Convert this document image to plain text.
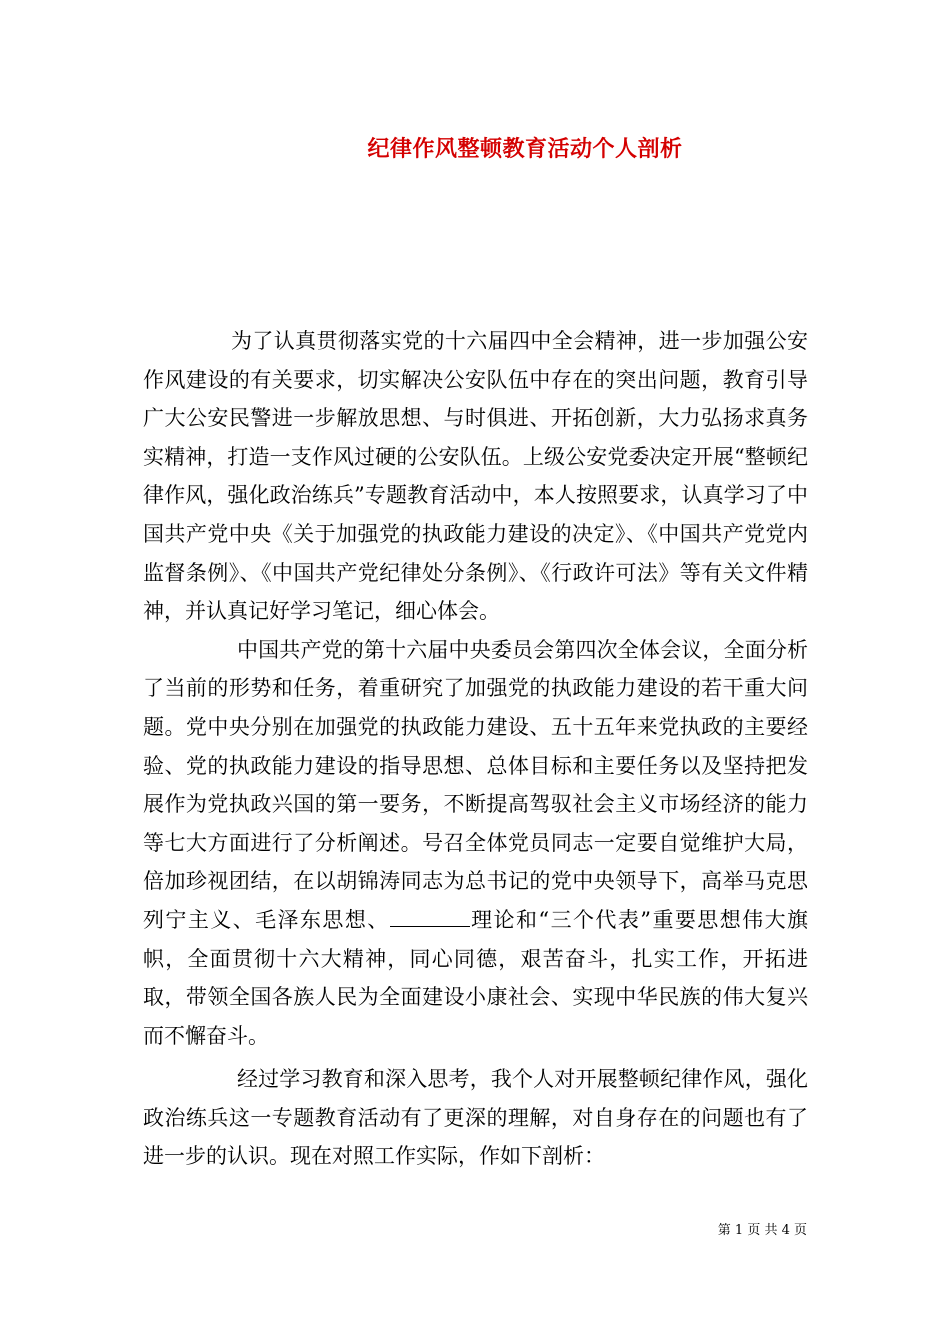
纪律作风整顿教育活动个人剖析

为了认真贯彻落实党的十六届四中全会精神，进一步加强公安作风建设的有关要求，切实解决公安队伍中存在的突出问题，教育引导广大公安民警进一步解放思想、与时俱进、开拓创新，大力弘扬求真务实精神，打造一支作风过硬的公安队伍。上级公安党委决定开展“整顿纪律作风，强化政治练兵”专题教育活动中，本人按照要求，认真学习了中国共产党中央《关于加强党的执政能力建设的决定》、《中国共产党党内监督条例》、《中国共产党纪律处分条例》、《行政许可法》等有关文件精神，并认真记好学习笔记，细心体会。

中国共产党的第十六届中央委员会第四次全体会议，全面分析了当前的形势和任务，着重研究了加强党的执政能力建设的若干重大问题。党中央分别在加强党的执政能力建设、五十五年来党执政的主要经验、党的执政能力建设的指导思想、总体目标和主要任务以及坚持把发展作为党执政兴国的第一要务，不断提高驾驭社会主义市场经济的能力等七大方面进行了分析阐述。号召全体党员同志一定要自觉维护大局，倍加珍视团结，在以胡锦涛同志为总书记的党中央领导下，高举马克思列宁主义、毛泽东思想、	理论和“三个代表”重要思想伟大旗帜，全面贯彻十六大精神，同心同德，艰苦奋斗，扎实工作，开拓进取，带领全国各族人民为全面建设小康社会、实现中华民族的伟大复兴而不懈奋斗。

经过学习教育和深入思考，我个人对开展整顿纪律作风，强化政治练兵这一专题教育活动有了更深的理解，对自身存在的问题也有了进一步的认识。现在对照工作实际，作如下剖析：

第 1 页 共 4 页
